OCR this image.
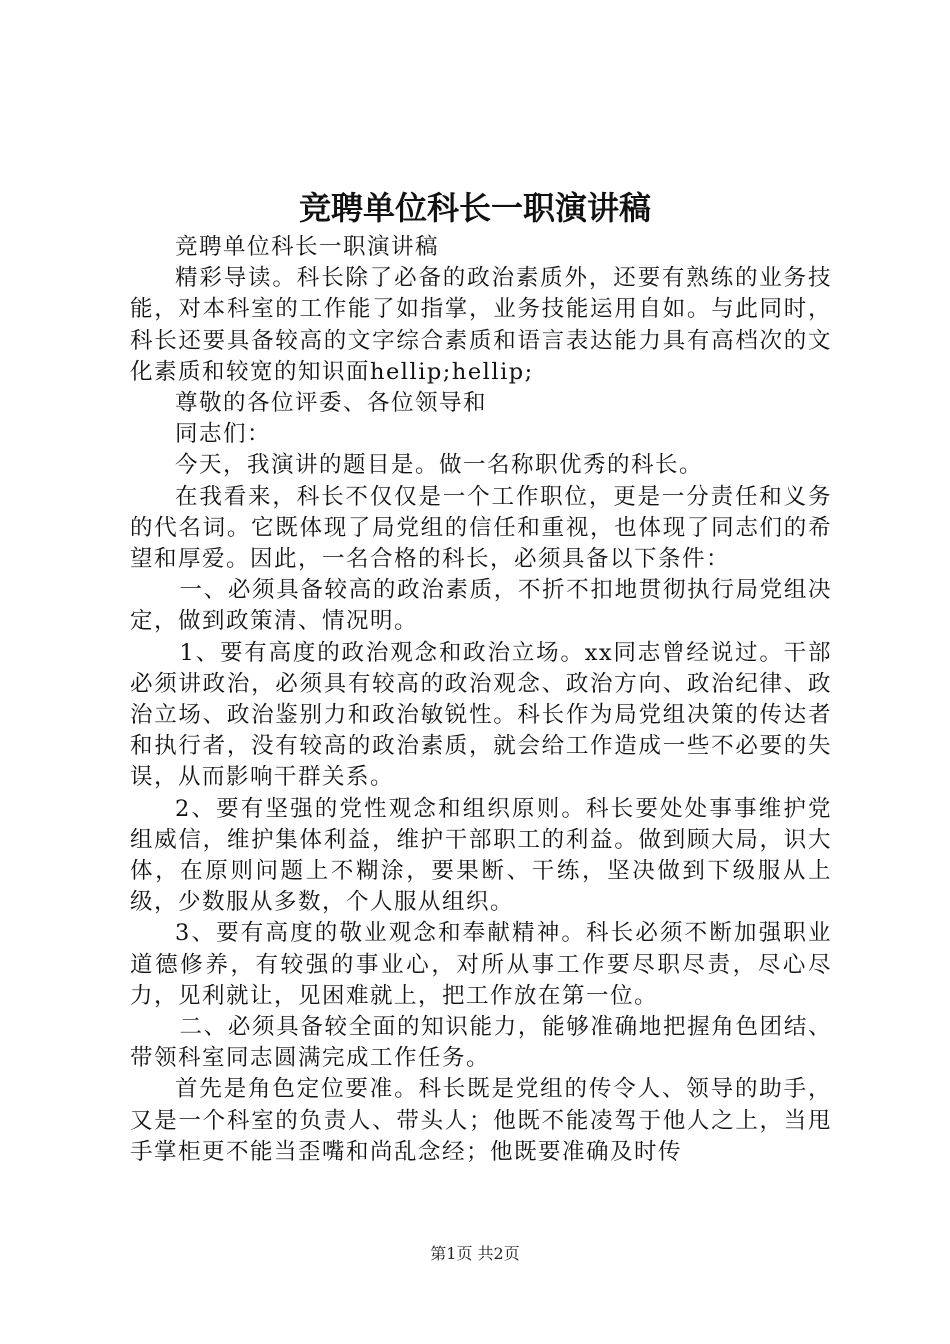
竞聘单位科长一职演讲稿

竞聘单位科长一职演讲稿

精彩导读。科长除了必备的政治素质外，还要有熟练的业务技能，对本科室的工作能了如指掌，业务技能运用自如。与此同时，科长还要具备较高的文字综合素质和语言表达能力具有高档次的文化素质和较宽的知识面hellip;hellip;

尊敬的各位评委、各位领导和

同志们：

今天，我演讲的题目是。做一名称职优秀的科长。

在我看来，科长不仅仅是一个工作职位，更是一分责任和义务的代名词。它既体现了局党组的信任和重视，也体现了同志们的希望和厚爱。因此，一名合格的科长，必须具备以下条件：

一、必须具备较高的政治素质，不折不扣地贯彻执行局党组决定，做到政策清、情况明。

1、要有高度的政治观念和政治立场。xx同志曾经说过。干部必须讲政治，必须具有较高的政治观念、政治方向、政治纪律、政治立场、政治鉴别力和政治敏锐性。科长作为局党组决策的传达者和执行者，没有较高的政治素质，就会给工作造成一些不必要的失误，从而影响干群关系。

2、要有坚强的党性观念和组织原则。科长要处处事事维护党组威信，维护集体利益，维护干部职工的利益。做到顾大局，识大体，在原则问题上不糊涂，要果断、干练，坚决做到下级服从上级，少数服从多数，个人服从组织。

3、要有高度的敬业观念和奉献精神。科长必须不断加强职业道德修养，有较强的事业心，对所从事工作要尽职尽责，尽心尽力，见利就让，见困难就上，把工作放在第一位。

二、必须具备较全面的知识能力，能够准确地把握角色团结、带领科室同志圆满完成工作任务。

首先是角色定位要准。科长既是党组的传令人、领导的助手，又是一个科室的负责人、带头人；他既不能凌驾于他人之上，当甩手掌柜更不能当歪嘴和尚乱念经；他既要准确及时传

第1页 共2页
